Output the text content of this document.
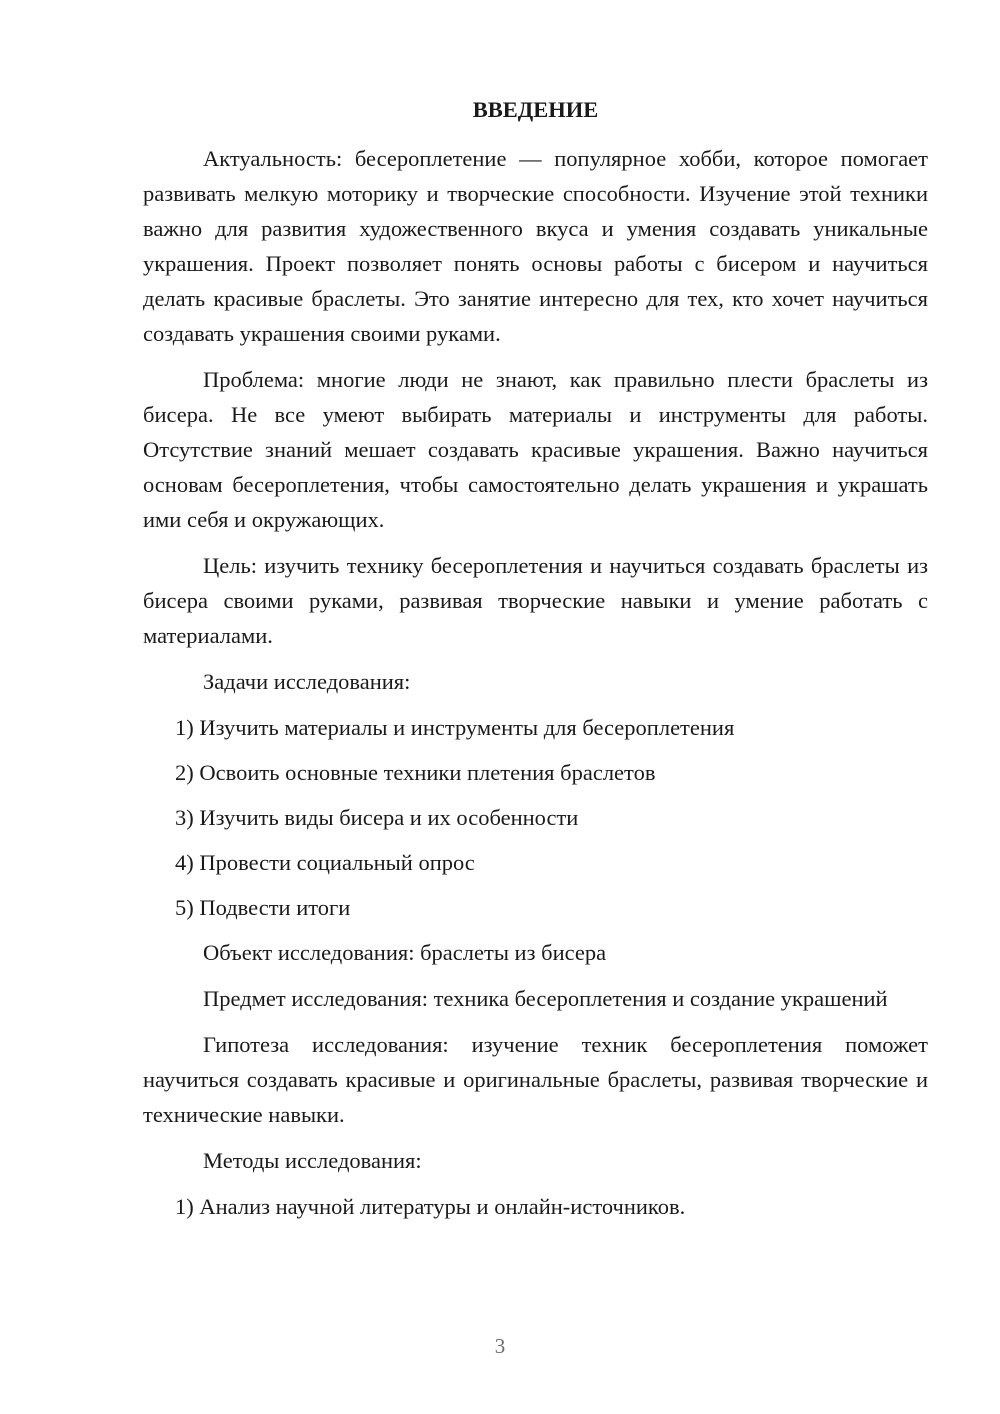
ВВЕДЕНИЕ

Актуальность: бесероплетение — популярное хобби, которое помогает развивать мелкую моторику и творческие способности. Изучение этой техники важно для развития художественного вкуса и умения создавать уникальные украшения. Проект позволяет понять основы работы с бисером и научиться делать красивые браслеты. Это занятие интересно для тех, кто хочет научиться создавать украшения своими руками.

Проблема: многие люди не знают, как правильно плести браслеты из бисера. Не все умеют выбирать материалы и инструменты для работы. Отсутствие знаний мешает создавать красивые украшения. Важно научиться основам бесероплетения, чтобы самостоятельно делать украшения и украшать ими себя и окружающих.

Цель: изучить технику бесероплетения и научиться создавать браслеты из бисера своими руками, развивая творческие навыки и умение работать с материалами.

Задачи исследования:

1) Изучить материалы и инструменты для бесероплетения

2) Освоить основные техники плетения браслетов

3) Изучить виды бисера и их особенности

4) Провести социальный опрос

5) Подвести итоги

Объект исследования: браслеты из бисера

Предмет исследования: техника бесероплетения и создание украшений

Гипотеза исследования: изучение техник бесероплетения поможет научиться создавать красивые и оригинальные браслеты, развивая творческие и технические навыки.

Методы исследования:

1) Анализ научной литературы и онлайн-источников.

3
